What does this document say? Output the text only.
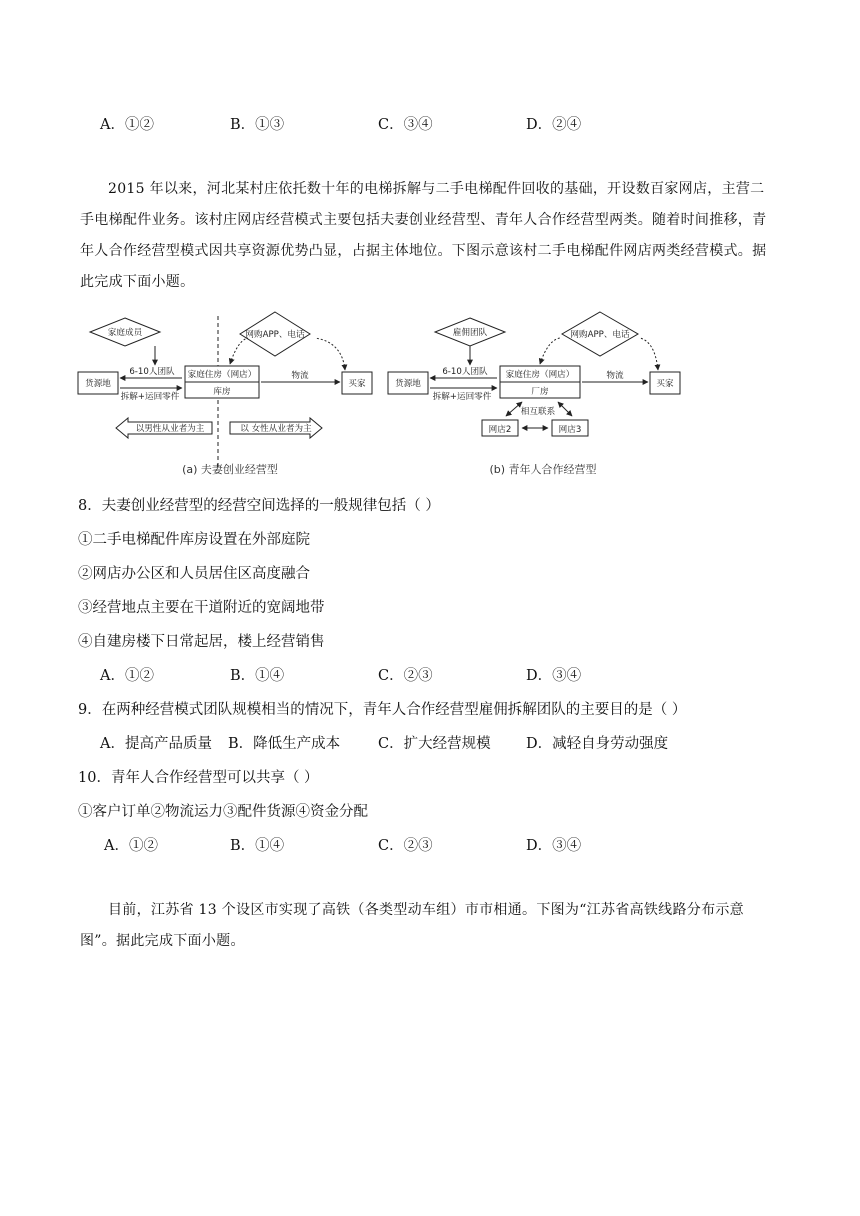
A．①②	B．①③	C．③④	D．②④

2015 年以来，河北某村庄依托数十年的电梯拆解与二手电梯配件回收的基础，开设数百家网店，主营二手电梯配件业务。该村庄网店经营模式主要包括夫妻创业经营型、青年人合作经营型两类。随着时间推移，青年人合作经营型模式因共享资源优势凸显，占据主体地位。下图示意该村二手电梯配件网店两类经营模式。据此完成下面小题。

家庭成员	网购APP、电话
6-10人团队
货源地
拆解+运回零件
家庭住房（网店）
库房
物流
买家
以男性从业者为主	以 女性从业者为主
(a) 夫妻创业经营型
雇佣团队	网购APP、电话
6-10人团队
货源地
拆解+运回零件
家庭住房（网店）
厂房
物流
买家
相互联系
网店2	网店3
(b) 青年人合作经营型
8．夫妻创业经营型的经营空间选择的一般规律包括（ ）
①二手电梯配件库房设置在外部庭院
②网店办公区和人员居住区高度融合
③经营地点主要在干道附近的宽阔地带
④自建房楼下日常起居，楼上经营销售
A．①②	B．①④	C．②③	D．③④
9．在两种经营模式团队规模相当的情况下，青年人合作经营型雇佣拆解团队的主要目的是（ ）
A．提高产品质量 B．降低生产成本	C．扩大经营规模 D．减轻自身劳动强度
10．青年人合作经营型可以共享（ ）
①客户订单②物流运力③配件货源④资金分配
A．①②	B．①④	C．②③	D．③④

目前，江苏省 13 个设区市实现了高铁（各类型动车组）市市相通。下图为“江苏省高铁线路分布示意图”。据此完成下面小题。
